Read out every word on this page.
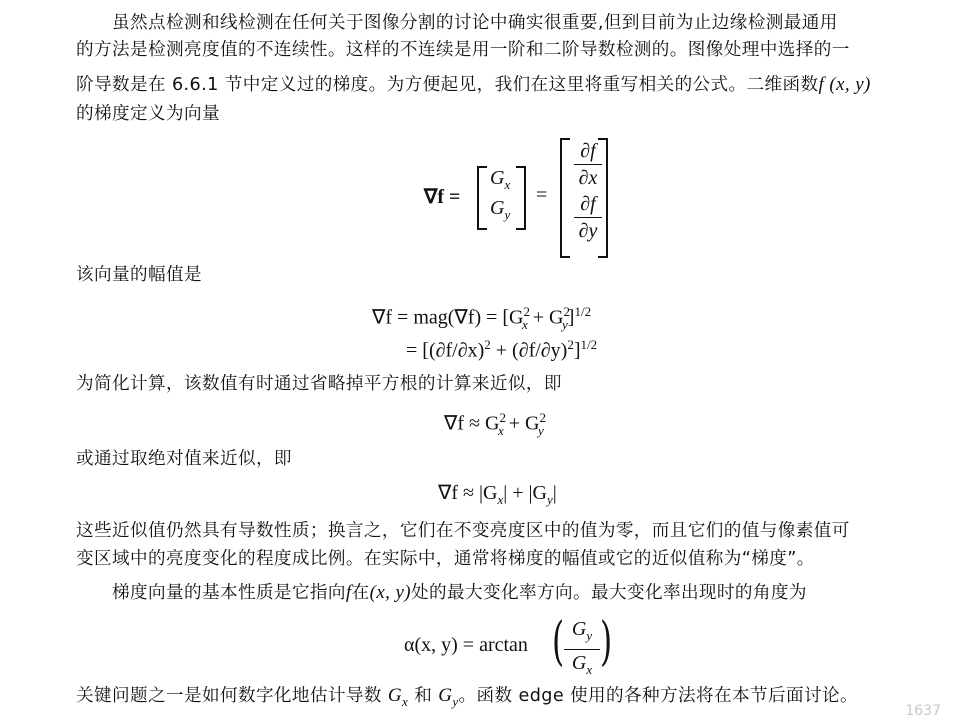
虽然点检测和线检测在任何关于图像分割的讨论中确实很重要,但到目前为止边缘检测最通用
的方法是检测亮度值的不连续性。这样的不连续是用一阶和二阶导数检测的。图像处理中选择的一
阶导数是在 6.6.1 节中定义过的梯度。为方便起见，我们在这里将重写相关的公式。二维函数f (x, y)
的梯度定义为向量
∇f =
$G_x$
$G_y$
=
∂f
∂x
∂f
∂y
该向量的幅值是
$\nabla f = mag(\nabla f) = [G^2_x + G^2_y]^{1/2}$
= $[(\partial f/\partial x)^2 + (\partial f/\partial y)^2]^{1/2}$
为简化计算，该数值有时通过省略掉平方根的计算来近似，即
$\nabla f \approx G^2_x + G^2_y$
或通过取绝对值来近似，即
$\nabla f \approx |G_x| + |G_y|$
这些近似值仍然具有导数性质；换言之，它们在不变亮度区中的值为零，而且它们的值与像素值可
变区域中的亮度变化的程度成比例。在实际中，通常将梯度的幅值或它的近似值称为“梯度”。
梯度向量的基本性质是它指向f在(x, y)处的最大变化率方向。最大变化率出现时的角度为
α(x, y) = arctan ( $\frac{G_y}{G_x}$ )
关键问题之一是如何数字化地估计导数 $G_x$ 和 $G_y$。函数 edge 使用的各种方法将在本节后面讨论。
1637
